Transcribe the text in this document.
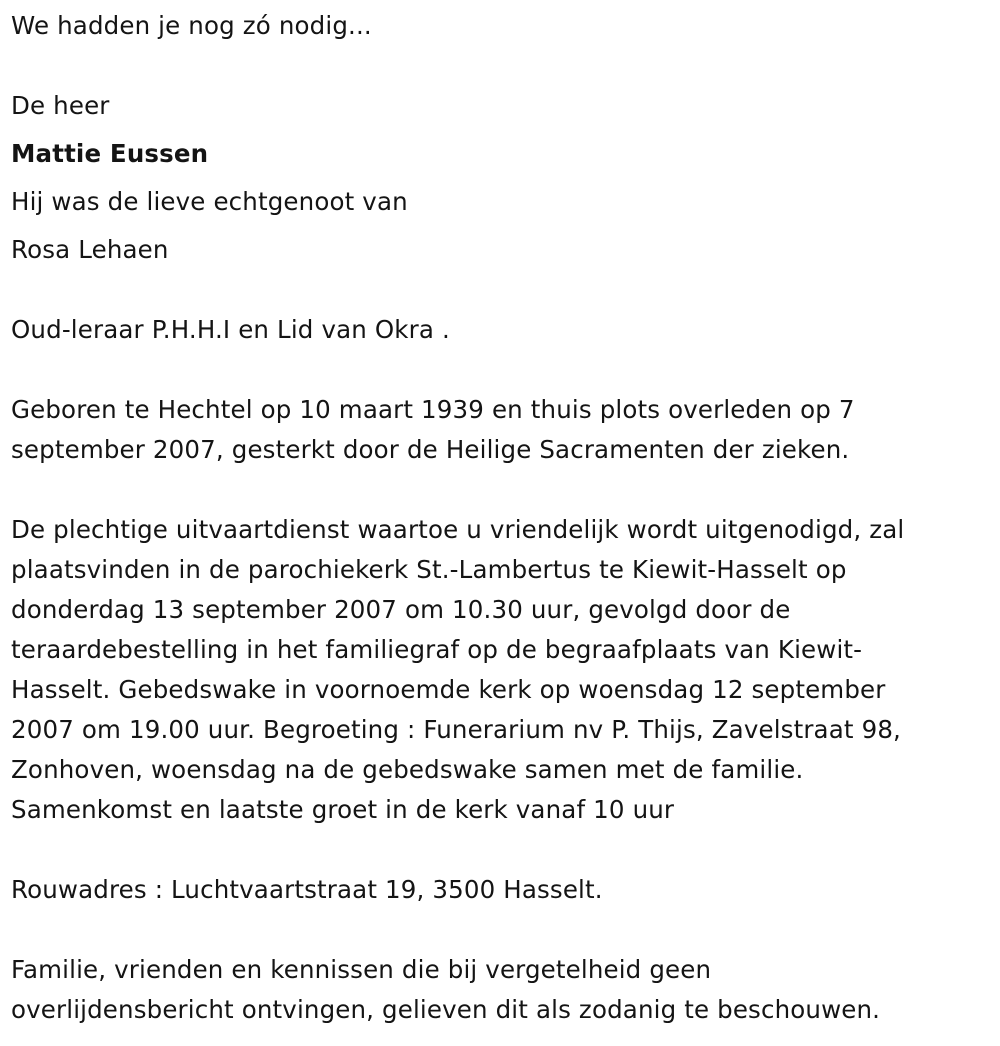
We hadden je nog zó nodig...
De heer
Mattie Eussen
Hij was de lieve echtgenoot van
Rosa Lehaen
Oud-leraar P.H.H.I en Lid van Okra .
Geboren te Hechtel op 10 maart 1939 en thuis plots overleden op 7
september 2007, gesterkt door de Heilige Sacramenten der zieken.
De plechtige uitvaartdienst waartoe u vriendelijk wordt uitgenodigd, zal
plaatsvinden in de parochiekerk St.-Lambertus te Kiewit-Hasselt op
donderdag 13 september 2007 om 10.30 uur, gevolgd door de
teraardebestelling in het familiegraf op de begraafplaats van Kiewit-
Hasselt. Gebedswake in voornoemde kerk op woensdag 12 september
2007 om 19.00 uur. Begroeting : Funerarium nv P. Thijs, Zavelstraat 98,
Zonhoven, woensdag na de gebedswake samen met de familie.
Samenkomst en laatste groet in de kerk vanaf 10 uur
Rouwadres : Luchtvaartstraat 19, 3500 Hasselt.
Familie, vrienden en kennissen die bij vergetelheid geen
overlijdensbericht ontvingen, gelieven dit als zodanig te beschouwen.
